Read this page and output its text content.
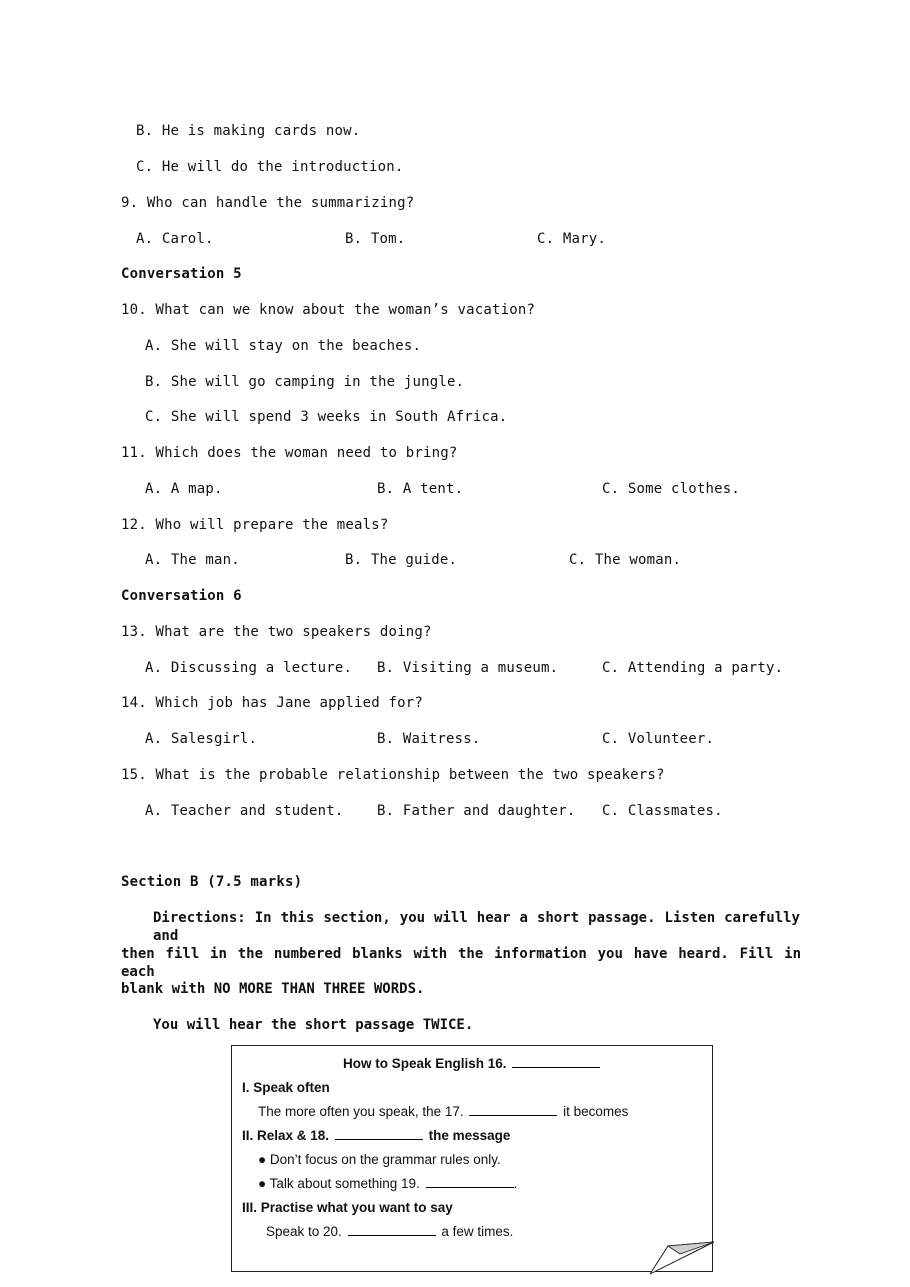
B. He is making cards now.
C. He will do the introduction.
9. Who can handle the summarizing?
A. Carol.	B. Tom.	C. Mary.
Conversation 5
10. What can we know about the woman’s vacation?
A. She will stay on the beaches.
B. She will go camping in the jungle.
C. She will spend 3 weeks in South Africa.
11. Which does the woman need to bring?
A. A map.	B. A tent.	C. Some clothes.
12. Who will prepare the meals?
A. The man.	B. The guide.	C. The woman.
Conversation 6
13. What are the two speakers doing?
A. Discussing a lecture. B. Visiting a museum.	C. Attending a party.
14. Which job has Jane applied for?
A. Salesgirl.	B. Waitress.	C. Volunteer.
15. What is the probable relationship between the two speakers?
A. Teacher and student. B. Father and daughter. C. Classmates.
Section B (7.5 marks)
Directions: In this section, you will hear a short passage. Listen carefully and
then fill in the numbered blanks with the information you have heard. Fill in each
blank with NO MORE THAN THREE WORDS.
You will hear the short passage TWICE.
How to Speak English 16.
I. Speak often
The more often you speak, the 17.	it becomes
II. Relax & 18.	the message
● Don’t focus on the grammar rules only.
● Talk about something 19.	.
III. Practise what you want to say
Speak to 20.	a few times.
